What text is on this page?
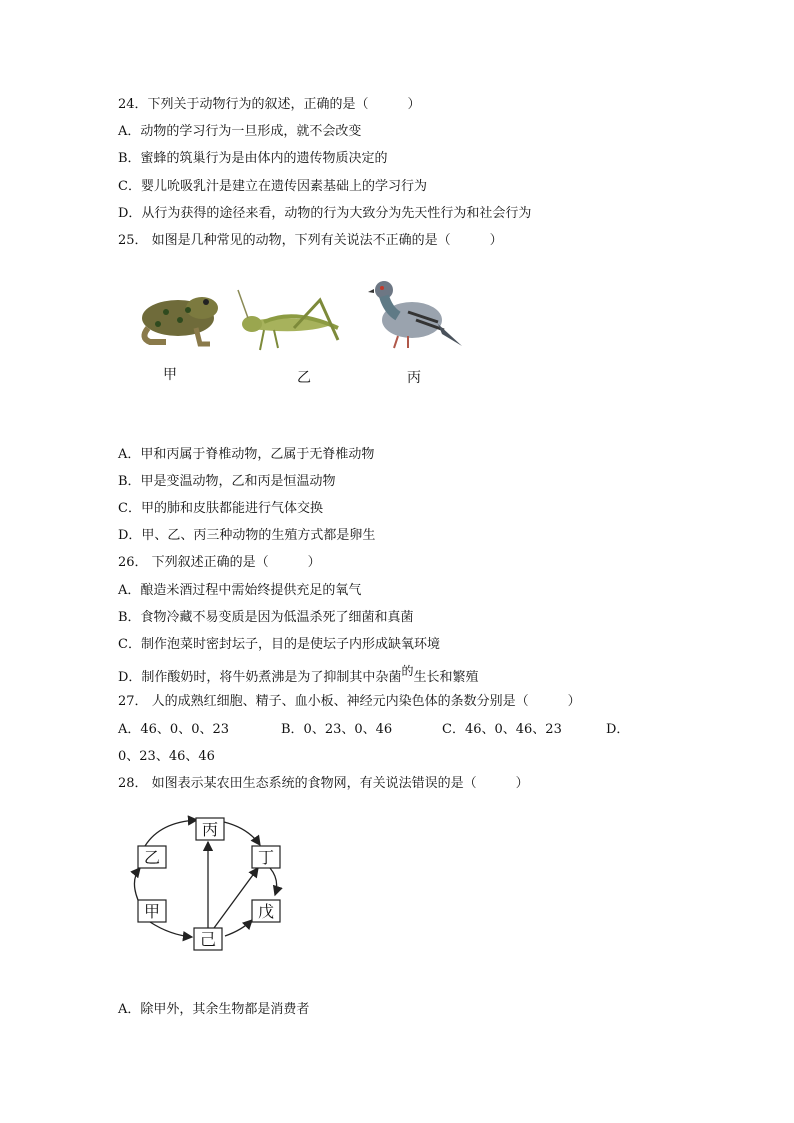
24．下列关于动物行为的叙述，正确的是（　　　）
A．动物的学习行为一旦形成，就不会改变
B．蜜蜂的筑巢行为是由体内的遗传物质决定的
C．婴儿吮吸乳汁是建立在遗传因素基础上的学习行为
D．从行为获得的途径来看，动物的行为大致分为先天性行为和社会行为
25． 如图是几种常见的动物，下列有关说法不正确的是（　　　）
甲	乙	丙
A．甲和丙属于脊椎动物，乙属于无脊椎动物
B．甲是变温动物，乙和丙是恒温动物
C．甲的肺和皮肤都能进行气体交换
D．甲、乙、丙三种动物的生殖方式都是卵生
26． 下列叙述正确的是（　　　）
A．酿造米酒过程中需始终提供充足的氧气
B．食物冷藏不易变质是因为低温杀死了细菌和真菌
C．制作泡菜时密封坛子，目的是使坛子内形成缺氧环境
D．制作酸奶时，将牛奶煮沸是为了抑制其中杂菌的生长和繁殖
27． 人的成熟红细胞、精子、血小板、神经元内染色体的条数分别是（　　　）
A．46、0、0、23	B．0、23、0、46	C．46、0、46、23	D．
0、23、46、46
28． 如图表示某农田生态系统的食物网，有关说法错误的是（　　　）
丙
乙	丁
甲	戊
己
A．除甲外，其余生物都是消费者
